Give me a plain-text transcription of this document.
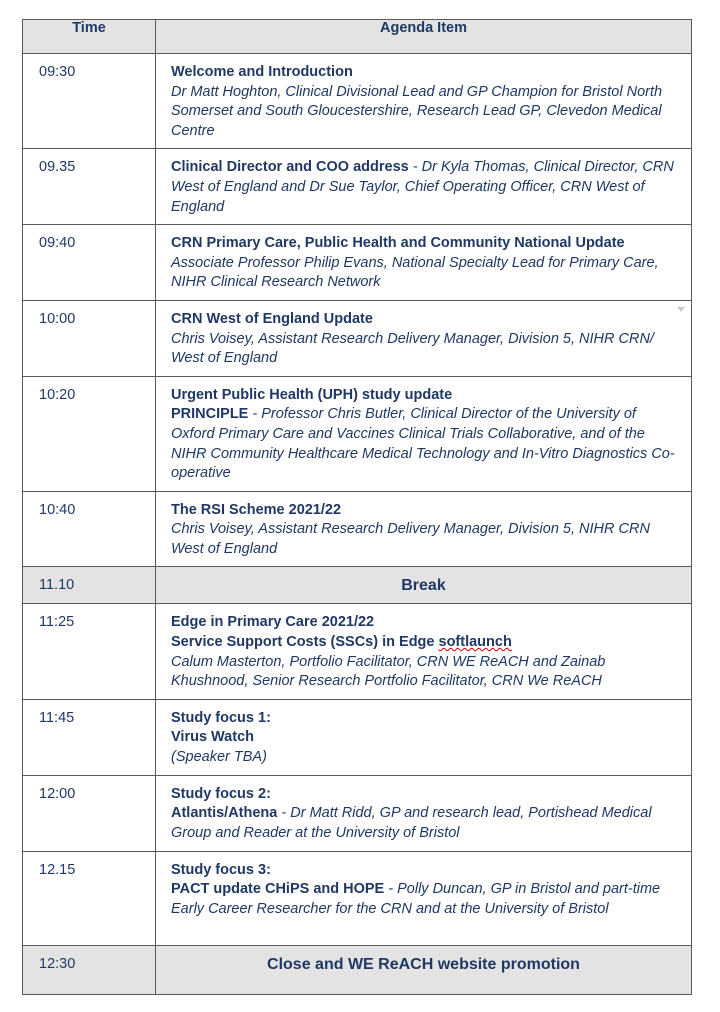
Time	Agenda Item
09:30	Welcome and Introduction
Dr Matt Hoghton, Clinical Divisional Lead and GP Champion for Bristol North Somerset and South Gloucestershire, Research Lead GP, Clevedon Medical Centre
09.35	Clinical Director and COO address - Dr Kyla Thomas, Clinical Director, CRN West of England and Dr Sue Taylor, Chief Operating Officer, CRN West of England
09:40	CRN Primary Care, Public Health and Community National Update Associate Professor Philip Evans, National Specialty Lead for Primary Care, NIHR Clinical Research Network
10:00	CRN West of England Update
Chris Voisey, Assistant Research Delivery Manager, Division 5, NIHR CRN/ West of England
10:20	Urgent Public Health (UPH) study update
PRINCIPLE - Professor Chris Butler, Clinical Director of the University of Oxford Primary Care and Vaccines Clinical Trials Collaborative, and of the NIHR Community Healthcare Medical Technology and In-Vitro Diagnostics Co-operative
10:40	The RSI Scheme 2021/22
Chris Voisey, Assistant Research Delivery Manager, Division 5, NIHR CRN West of England
11.10	Break
11:25	Edge in Primary Care 2021/22
Service Support Costs (SSCs) in Edge softlaunch
Calum Masterton, Portfolio Facilitator, CRN WE ReACH and Zainab Khushnood, Senior Research Portfolio Facilitator, CRN We ReACH
11:45	Study focus 1:
Virus Watch
(Speaker TBA)
12:00	Study focus 2:
Atlantis/Athena - Dr Matt Ridd, GP and research lead, Portishead Medical Group and Reader at the University of Bristol
12.15	Study focus 3:
PACT update CHiPS and HOPE - Polly Duncan, GP in Bristol and part-time Early Career Researcher for the CRN and at the University of Bristol
12:30	Close and WE ReACH website promotion
